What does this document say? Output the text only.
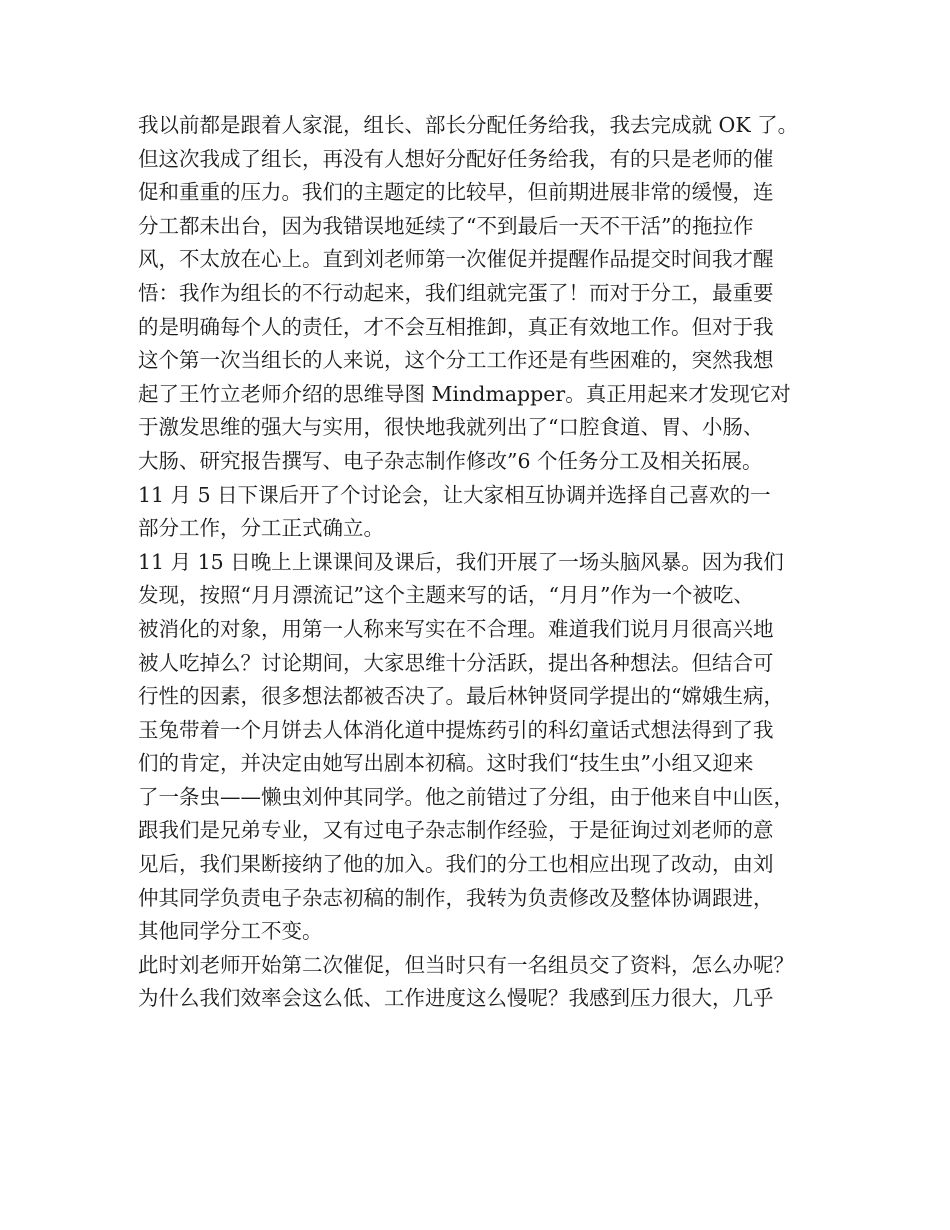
我以前都是跟着人家混，组长、部长分配任务给我，我去完成就 OK 了。
但这次我成了组长，再没有人想好分配好任务给我，有的只是老师的催
促和重重的压力。我们的主题定的比较早，但前期进展非常的缓慢，连
分工都未出台，因为我错误地延续了“不到最后一天不干活”的拖拉作
风，不太放在心上。直到刘老师第一次催促并提醒作品提交时间我才醒
悟：我作为组长的不行动起来，我们组就完蛋了！而对于分工，最重要
的是明确每个人的责任，才不会互相推卸，真正有效地工作。但对于我
这个第一次当组长的人来说，这个分工工作还是有些困难的，突然我想
起了王竹立老师介绍的思维导图 Mindmapper。真正用起来才发现它对
于激发思维的强大与实用，很快地我就列出了“口腔食道、胃、小肠、
大肠、研究报告撰写、电子杂志制作修改”6 个任务分工及相关拓展。
11 月 5 日下课后开了个讨论会，让大家相互协调并选择自己喜欢的一
部分工作，分工正式确立。
11 月 15 日晚上上课课间及课后，我们开展了一场头脑风暴。因为我们
发现，按照“月月漂流记”这个主题来写的话，“月月”作为一个被吃、
被消化的对象，用第一人称来写实在不合理。难道我们说月月很高兴地
被人吃掉么？讨论期间，大家思维十分活跃，提出各种想法。但结合可
行性的因素，很多想法都被否决了。最后林钟贤同学提出的“嫦娥生病，
玉兔带着一个月饼去人体消化道中提炼药引的科幻童话式想法得到了我
们的肯定，并决定由她写出剧本初稿。这时我们“技生虫”小组又迎来
了一条虫——懒虫刘仲其同学。他之前错过了分组，由于他来自中山医，
跟我们是兄弟专业，又有过电子杂志制作经验，于是征询过刘老师的意
见后，我们果断接纳了他的加入。我们的分工也相应出现了改动，由刘
仲其同学负责电子杂志初稿的制作，我转为负责修改及整体协调跟进，
其他同学分工不变。
此时刘老师开始第二次催促，但当时只有一名组员交了资料，怎么办呢？
为什么我们效率会这么低、工作进度这么慢呢？我感到压力很大，几乎
